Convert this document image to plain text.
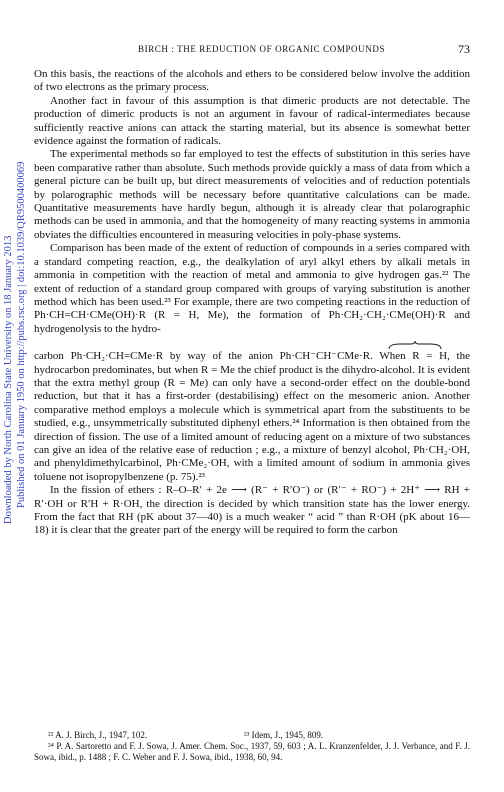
BIRCH : THE REDUCTION OF ORGANIC COMPOUNDS	73
Downloaded by North Carolina State University on 18 January 2013 Published on 01 January 1950 on http://pubs.rsc.org | doi:10.1039/QR9500400069

On this basis, the reactions of the alcohols and ethers to be considered below involve the addition of two electrons as the primary process.

Another fact in favour of this assumption is that dimeric products are not detectable. The production of dimeric products is not an argument in favour of radical-intermediates because sufficiently reactive anions can attack the starting material, but its absence is somewhat better evidence against the formation of radicals.

The experimental methods so far employed to test the effects of substitution in this series have been comparative rather than absolute. Such methods provide quickly a mass of data from which a general picture can be built up, but direct measurements of velocities and of reduction potentials by polarographic methods will be necessary before quantitative calculations can be made. Quantitative measurements have hardly begun, although it is already clear that polarographic methods can be used in ammonia, and that the homogeneity of many reacting systems in ammonia obviates the difficulties encountered in measuring velocities in poly-phase systems.

Comparison has been made of the extent of reduction of compounds in a series compared with a standard competing reaction, e.g., the dealkylation of aryl alkyl ethers by alkali metals in ammonia in competition with the reaction of metal and ammonia to give hydrogen gas.²² The extent of reduction of a standard group compared with groups of varying substitution is another method which has been used.²³ For example, there are two competing reactions in the reduction of Ph·CH=CH·CMe(OH)·R (R = H, Me), the formation of Ph·CH₂·CH₂·CMe(OH)·R and hydrogenolysis to the hydro-

carbon Ph·CH₂·CH=CMe·R by way of the anion Ph·CH⁻CH⁻CMe·R. When R = H, the hydrocarbon predominates, but when R = Me the chief product is the dihydro-alcohol. It is evident that the extra methyl group (R = Me) can only have a second-order effect on the double-bond reduction, but that it has a first-order (destabilising) effect on the mesomeric anion. Another comparative method employs a molecule which is symmetrical apart from the substituents to be studied, e.g., unsymmetrically substituted diphenyl ethers.²⁴ Information is then obtained from the direction of fission. The use of a limited amount of reducing agent on a mixture of two substances can give an idea of the relative ease of reduction ; e.g., a mixture of benzyl alcohol, Ph·CH₂·OH, and phenyldimethylcarbinol, Ph·CMe₂·OH, with a limited amount of sodium in ammonia gives toluene not isopropylbenzene (p. 75).²³

In the fission of ethers : R–O–R′ + 2e ⟶ (R⁻ + R′O⁻) or (R′⁻ + RO⁻) + 2H⁺ ⟶ RH + R′·OH or R′H + R·OH, the direction is decided by which transition state has the lower energy. From the fact that RH (pK about 37—40) is a much weaker “ acid ” than R·OH (pK about 16—18) it is clear that the greater part of the energy will be required to form the carbon

²² A. J. Birch, J., 1947, 102.	²³ Idem, J., 1945, 809.
²⁴ P. A. Sartoretto and F. J. Sowa, J. Amer. Chem. Soc., 1937, 59, 603 ; A. L. Kranzenfelder, J. J. Verbance, and F. J. Sowa, ibid., p. 1488 ; F. C. Weber and F. J. Sowa, ibid., 1938, 60, 94.
